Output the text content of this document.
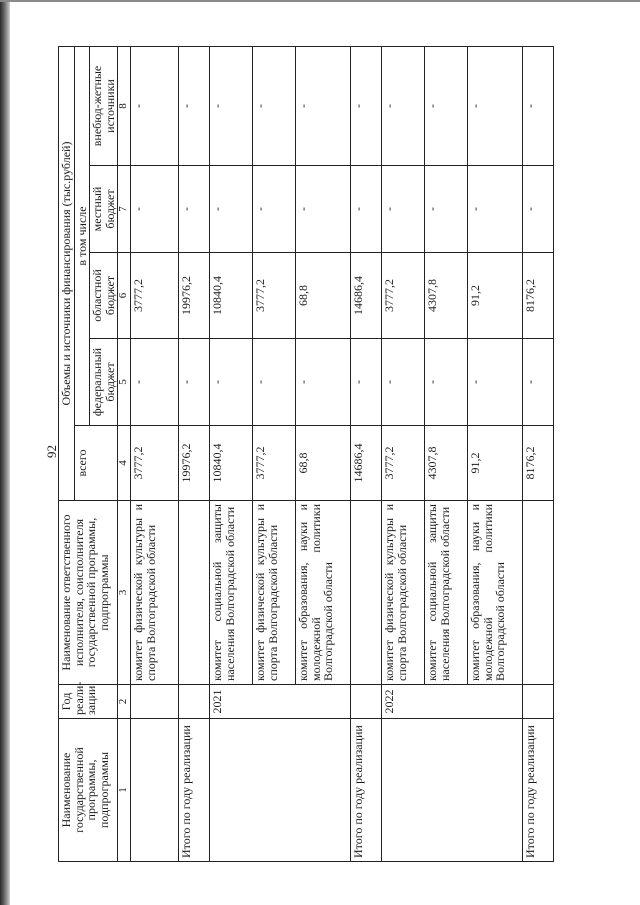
92
Наименование государственной программы, подпрограммы	Год реали-зации	Наименование ответственного исполнителя, соисполнителя государственной программы, подпрограммы	Объемы и источники финансирования (тыс.рублей)				
			всего	в том числе			
				федеральный бюджет	областной бюджет	местный бюджет	внебюд-жетные источники
1	2	3	4	5	6	7	8
		комитет физической культуры и спорта Волгоградской области	3777,2	-	3777,2	-	-
Итого по году реализации			19976,2	-	19976,2	-	-
	2021	комитет социальной защиты населения Волгоградской области	10840,4	-	10840,4	-	-
		комитет физической культуры и спорта Волгоградской области	3777,2	-	3777,2	-	-
		комитет образования, науки и молодежной политики Волгоградской области	68,8	-	68,8	-	-
Итого по году реализации			14686,4	-	14686,4	-	-
	2022	комитет физической культуры и спорта Волгоградской области	3777,2	-	3777,2	-	-
		комитет социальной защиты населения Волгоградской области	4307,8	-	4307,8	-	-
		комитет образования, науки и молодежной политики Волгоградской области	91,2	-	91,2	-	-
Итого по году реализации			8176,2	-	8176,2	-	-
